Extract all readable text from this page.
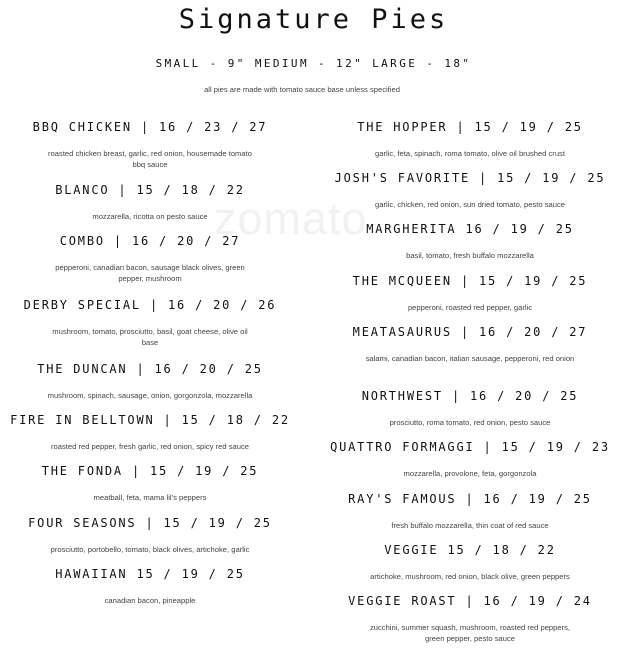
zomato
Signature Pies
SMALL - 9" MEDIUM - 12" LARGE - 18"
all pies are made with tomato sauce base unless specified
BBQ CHICKEN | 16 / 23 / 27
roasted chicken breast, garlic, red onion, housemade tomato bbq sauce
BLANCO | 15 / 18 / 22
mozzarella, ricotta on pesto sauce
COMBO | 16 / 20 / 27
pepperoni, canadian bacon, sausage black olives, green pepper, mushroom
DERBY SPECIAL | 16 / 20 / 26
mushroom, tomato, prosciutto, basil, goat cheese, olive oil base
THE DUNCAN | 16 / 20 / 25
mushroom, spinach, sausage, onion, gorgonzola, mozzarella
FIRE IN BELLTOWN | 15 / 18 / 22
roasted red pepper, fresh garlic, red onion, spicy red sauce
THE FONDA | 15 / 19 / 25
meatball, feta, mama lil's peppers
FOUR SEASONS | 15 / 19 / 25
prosciutto, portobello, tomato, black olives, artichoke, garlic
HAWAIIAN 15 / 19 / 25
canadian bacon, pineapple
THE HOPPER | 15 / 19 / 25
garlic, feta, spinach, roma tomato, olive oil brushed crust
JOSH'S FAVORITE | 15 / 19 / 25
garlic, chicken, red onion, sun dried tomato, pesto sauce
MARGHERITA 16 / 19 / 25
basil, tomato, fresh buffalo mozzarella
THE MCQUEEN | 15 / 19 / 25
pepperoni, roasted red pepper, garlic
MEATASAURUS | 16 / 20 / 27
salami, canadian bacon, italian sausage, pepperoni, red onion
NORTHWEST | 16 / 20 / 25
prosciutto, roma tomato, red onion, pesto sauce
QUATTRO FORMAGGI | 15 / 19 / 23
mozzarella, provolone, feta, gorgonzola
RAY'S FAMOUS | 16 / 19 / 25
fresh buffalo mozzarella, thin coat of red sauce
VEGGIE 15 / 18 / 22
artichoke, mushroom, red onion, black olive, green peppers
VEGGIE ROAST | 16 / 19 / 24
zucchini, summer squash, mushroom, roasted red peppers, green pepper, pesto sauce
